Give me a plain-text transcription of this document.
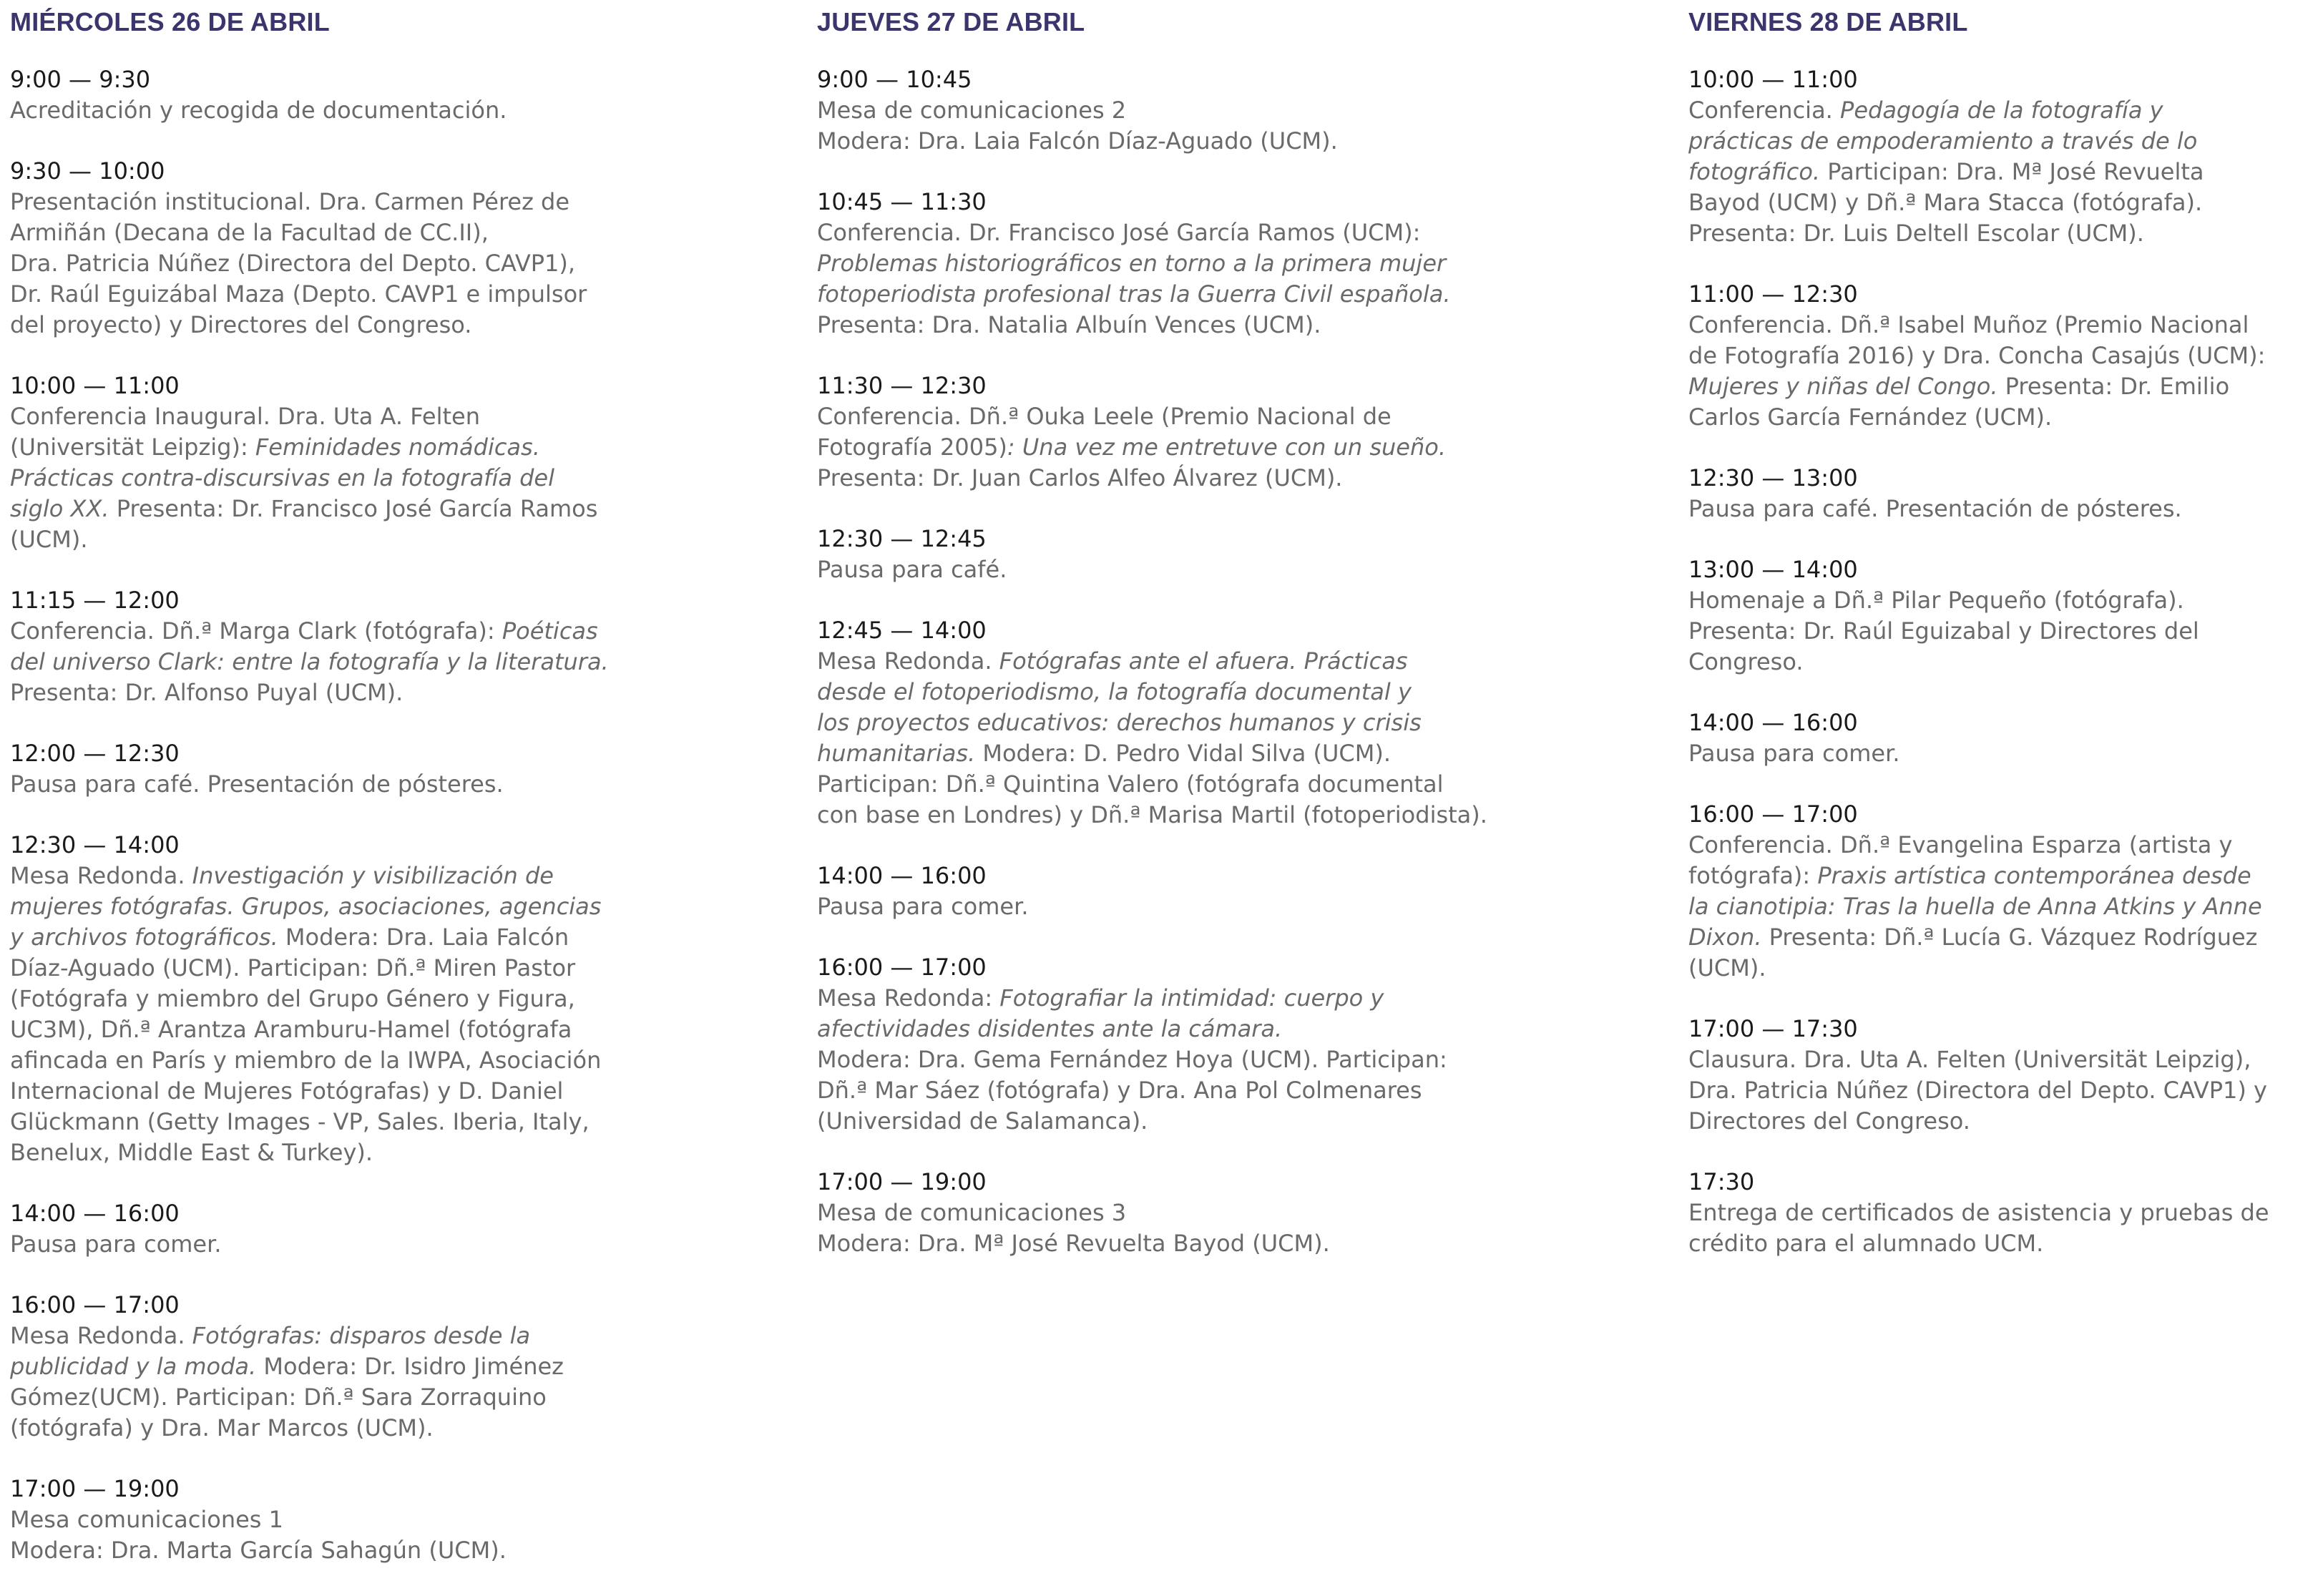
MIÉRCOLES 26 DE ABRIL
9:00 — 9:30
Acreditación y recogida de documentación.
9:30 — 10:00
Presentación institucional. Dra. Carmen Pérez de
Armiñán (Decana de la Facultad de CC.II),
Dra. Patricia Núñez (Directora del Depto. CAVP1),
Dr. Raúl Eguizábal Maza (Depto. CAVP1 e impulsor
del proyecto) y Directores del Congreso.
10:00 — 11:00
Conferencia Inaugural. Dra. Uta A. Felten
(Universität Leipzig): Feminidades nomádicas.
Prácticas contra-discursivas en la fotografía del
siglo XX. Presenta: Dr. Francisco José García Ramos
(UCM).
11:15 — 12:00
Conferencia. Dñ.ª Marga Clark (fotógrafa): Poéticas
del universo Clark: entre la fotografía y la literatura.
Presenta: Dr. Alfonso Puyal (UCM).
12:00 — 12:30
Pausa para café. Presentación de pósteres.
12:30 — 14:00
Mesa Redonda. Investigación y visibilización de
mujeres fotógrafas. Grupos, asociaciones, agencias
y archivos fotográficos. Modera: Dra. Laia Falcón
Díaz-Aguado (UCM). Participan: Dñ.ª Miren Pastor
(Fotógrafa y miembro del Grupo Género y Figura,
UC3M), Dñ.ª Arantza Aramburu-Hamel (fotógrafa
afincada en París y miembro de la IWPA, Asociación
Internacional de Mujeres Fotógrafas) y D. Daniel
Glückmann (Getty Images - VP, Sales. Iberia, Italy,
Benelux, Middle East & Turkey).
14:00 — 16:00
Pausa para comer.
16:00 — 17:00
Mesa Redonda. Fotógrafas: disparos desde la
publicidad y la moda. Modera: Dr. Isidro Jiménez
Gómez(UCM). Participan: Dñ.ª Sara Zorraquino
(fotógrafa) y Dra. Mar Marcos (UCM).
17:00 — 19:00
Mesa comunicaciones 1
Modera: Dra. Marta García Sahagún (UCM).
JUEVES 27 DE ABRIL
9:00 — 10:45
Mesa de comunicaciones 2
Modera: Dra. Laia Falcón Díaz-Aguado (UCM).
10:45 — 11:30
Conferencia. Dr. Francisco José García Ramos (UCM):
Problemas historiográficos en torno a la primera mujer
fotoperiodista profesional tras la Guerra Civil española.
Presenta: Dra. Natalia Albuín Vences (UCM).
11:30 — 12:30
Conferencia. Dñ.ª Ouka Leele (Premio Nacional de
Fotografía 2005): Una vez me entretuve con un sueño.
Presenta: Dr. Juan Carlos Alfeo Álvarez (UCM).
12:30 — 12:45
Pausa para café.
12:45 — 14:00
Mesa Redonda. Fotógrafas ante el afuera. Prácticas
desde el fotoperiodismo, la fotografía documental y
los proyectos educativos: derechos humanos y crisis
humanitarias. Modera: D. Pedro Vidal Silva (UCM).
Participan: Dñ.ª Quintina Valero (fotógrafa documental
con base en Londres) y Dñ.ª Marisa Martil (fotoperiodista).
14:00 — 16:00
Pausa para comer.
16:00 — 17:00
Mesa Redonda: Fotografiar la intimidad: cuerpo y
afectividades disidentes ante la cámara.
Modera: Dra. Gema Fernández Hoya (UCM). Participan:
Dñ.ª Mar Sáez (fotógrafa) y Dra. Ana Pol Colmenares
(Universidad de Salamanca).
17:00 — 19:00
Mesa de comunicaciones 3
Modera: Dra. Mª José Revuelta Bayod (UCM).
VIERNES 28 DE ABRIL
10:00 — 11:00
Conferencia. Pedagogía de la fotografía y
prácticas de empoderamiento a través de lo
fotográfico. Participan: Dra. Mª José Revuelta
Bayod (UCM) y Dñ.ª Mara Stacca (fotógrafa).
Presenta: Dr. Luis Deltell Escolar (UCM).
11:00 — 12:30
Conferencia. Dñ.ª Isabel Muñoz (Premio Nacional
de Fotografía 2016) y Dra. Concha Casajús (UCM):
Mujeres y niñas del Congo. Presenta: Dr. Emilio
Carlos García Fernández (UCM).
12:30 — 13:00
Pausa para café. Presentación de pósteres.
13:00 — 14:00
Homenaje a Dñ.ª Pilar Pequeño (fotógrafa).
Presenta: Dr. Raúl Eguizabal y Directores del
Congreso.
14:00 — 16:00
Pausa para comer.
16:00 — 17:00
Conferencia. Dñ.ª Evangelina Esparza (artista y
fotógrafa): Praxis artística contemporánea desde
la cianotipia: Tras la huella de Anna Atkins y Anne
Dixon. Presenta: Dñ.ª Lucía G. Vázquez Rodríguez
(UCM).
17:00 — 17:30
Clausura. Dra. Uta A. Felten (Universität Leipzig),
Dra. Patricia Núñez (Directora del Depto. CAVP1) y
Directores del Congreso.
17:30
Entrega de certificados de asistencia y pruebas de
crédito para el alumnado UCM.
